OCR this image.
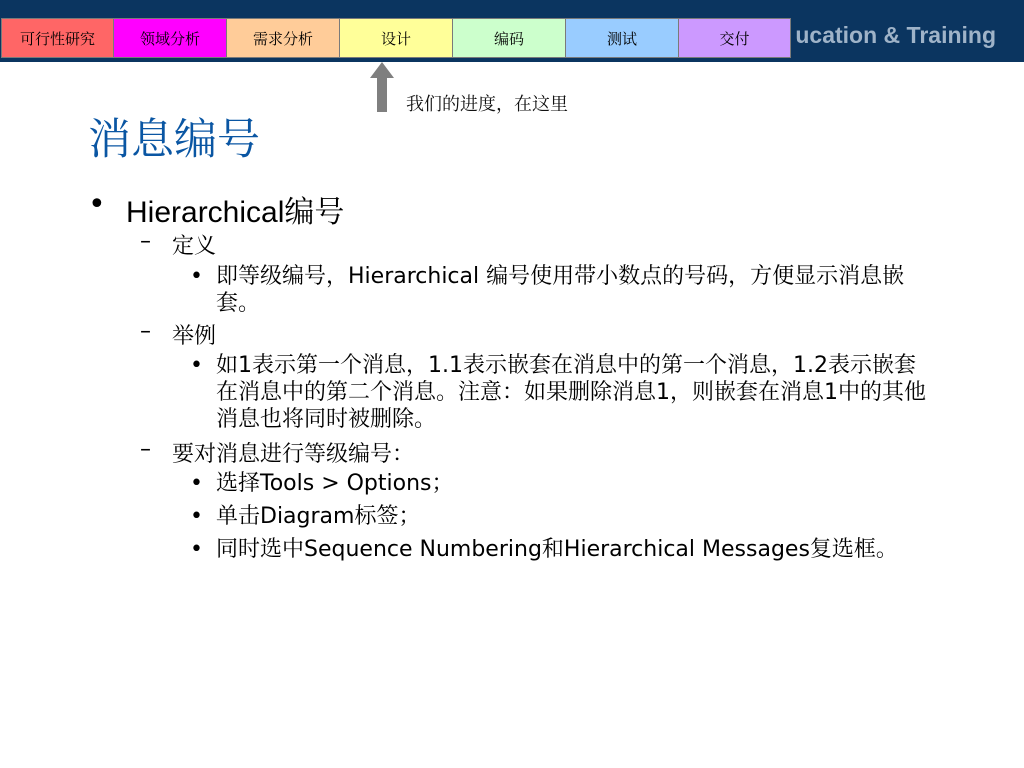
ucation & Training
可行性研究	领域分析	需求分析	设计	编码	测试	交付
我们的进度，在这里
消息编号
• Hierarchical编号
– 定义
• 即等级编号，Hierarchical 编号使用带小数点的号码，方便显示消息嵌套。
– 举例
• 如1表示第一个消息，1.1表示嵌套在消息中的第一个消息，1.2表示嵌套在消息中的第二个消息。注意：如果删除消息1，则嵌套在消息1中的其他消息也将同时被删除。
– 要对消息进行等级编号：
• 选择Tools > Options；
• 单击Diagram标签；
• 同时选中Sequence Numbering和Hierarchical Messages复选框。
